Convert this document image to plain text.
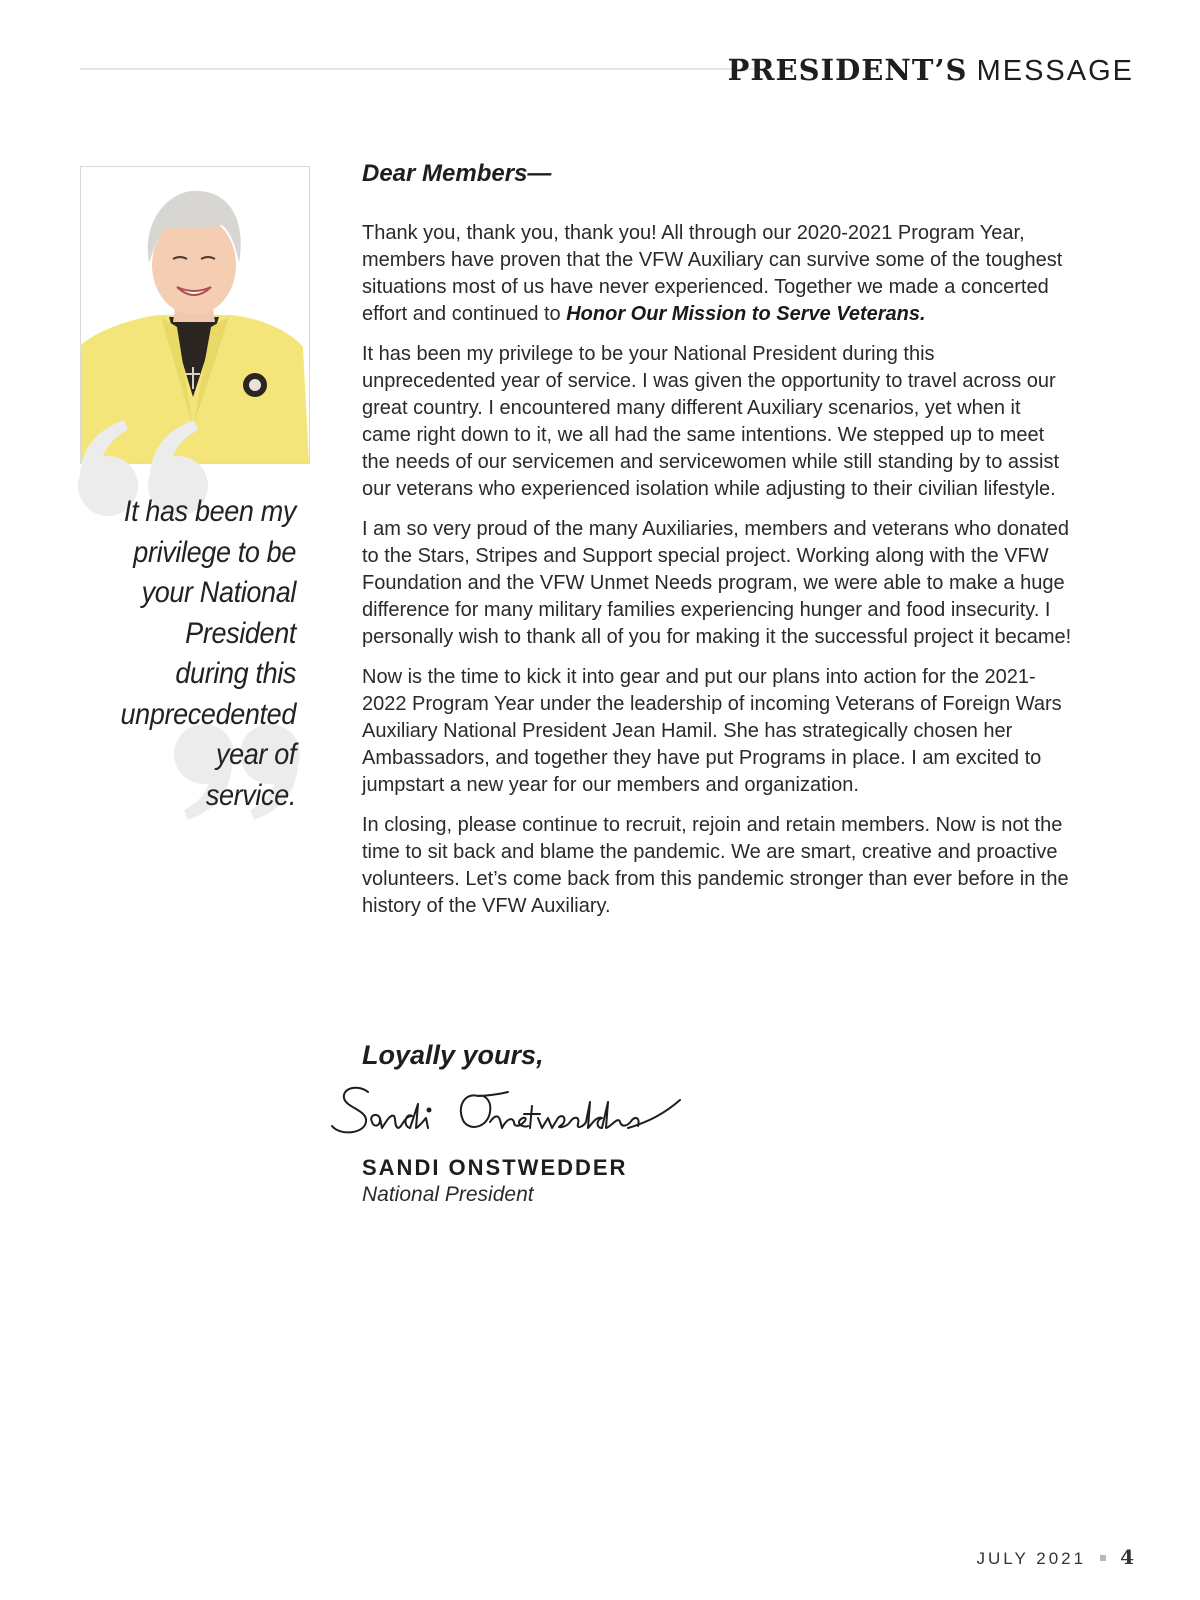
PRESIDENT’S MESSAGE
It has been my
privilege to be
your National
President
during this
unprecedented
year of service.
Dear Members—

Thank you, thank you, thank you! All through our 2020-2021 Program Year, members have proven that the VFW Auxiliary can survive some of the toughest situations most of us have never experienced. Together we made a concerted effort and continued to Honor Our Mission to Serve Veterans.

It has been my privilege to be your National President during this unprecedented year of service. I was given the opportunity to travel across our great country. I encountered many different Auxiliary scenarios, yet when it came right down to it, we all had the same intentions. We stepped up to meet the needs of our servicemen and servicewomen while still standing by to assist our veterans who experienced isolation while adjusting to their civilian lifestyle.

I am so very proud of the many Auxiliaries, members and veterans who donated to the Stars, Stripes and Support special project. Working along with the VFW Foundation and the VFW Unmet Needs program, we were able to make a huge difference for many military families experiencing hunger and food insecurity. I personally wish to thank all of you for making it the successful project it became!

Now is the time to kick it into gear and put our plans into action for the 2021-2022 Program Year under the leadership of incoming Veterans of Foreign Wars Auxiliary National President Jean Hamil. She has strategically chosen her Ambassadors, and together they have put Programs in place. I am excited to jumpstart a new year for our members and organization.

In closing, please continue to recruit, rejoin and retain members. Now is not the time to sit back and blame the pandemic. We are smart, creative and proactive volunteers. Let’s come back from this pandemic stronger than ever before in the history of the VFW Auxiliary.

Loyally yours,
SANDI ONSTWEDDER
National President
JULY 2021 4
